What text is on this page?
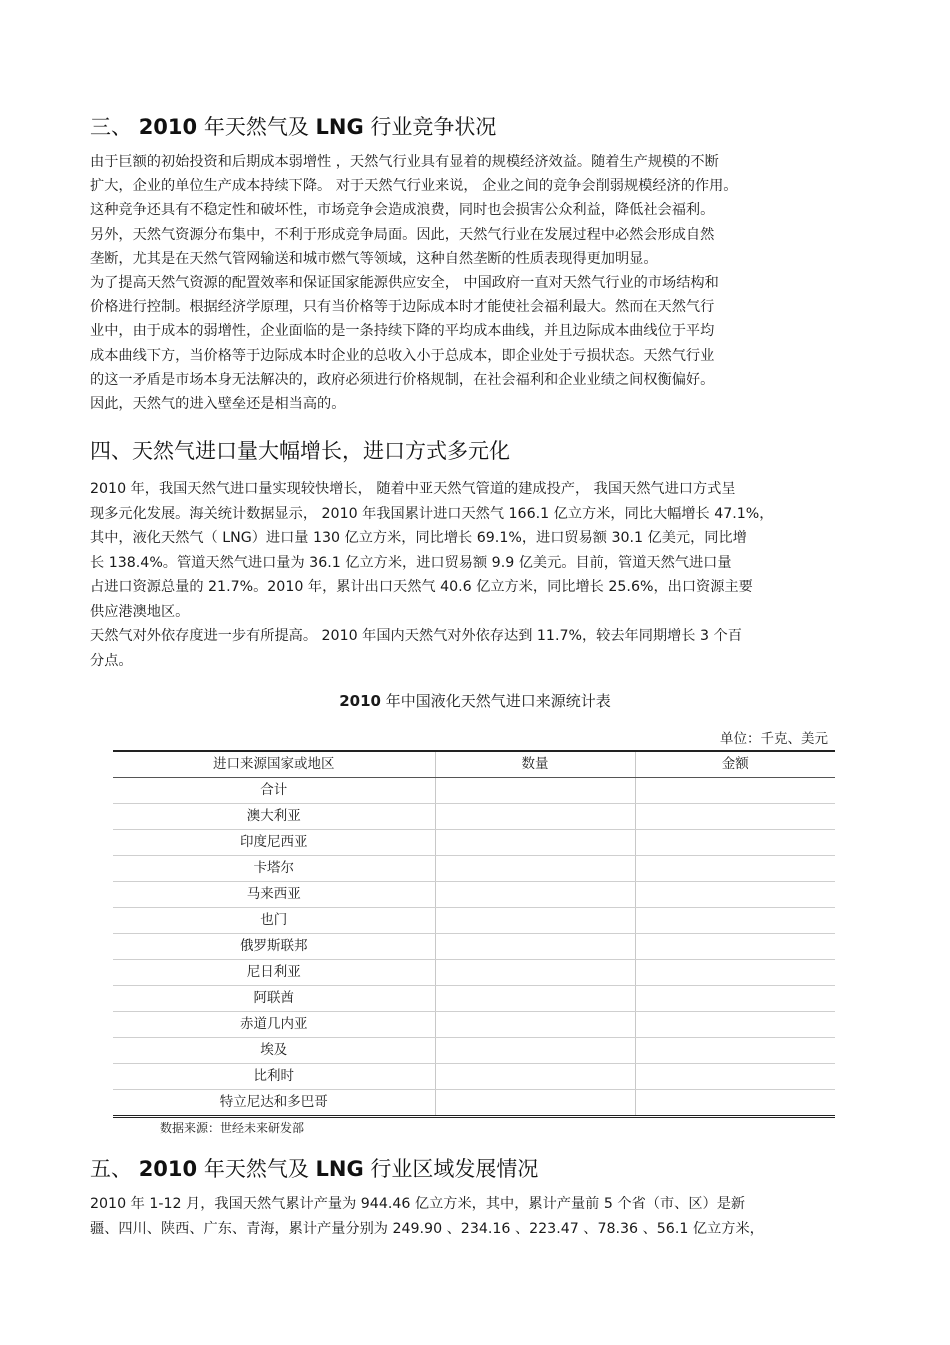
三、 2010 年天然气及 LNG 行业竞争状况
由于巨额的初始投资和后期成本弱增性 ，天然气行业具有显着的规模经济效益。随着生产规模的不断
扩大，企业的单位生产成本持续下降。 对于天然气行业来说， 企业之间的竞争会削弱规模经济的作用。
这种竞争还具有不稳定性和破坏性，市场竞争会造成浪费，同时也会损害公众利益，降低社会福利。
另外，天然气资源分布集中，不利于形成竞争局面。因此，天然气行业在发展过程中必然会形成自然
垄断，尤其是在天然气管网输送和城市燃气等领域，这种自然垄断的性质表现得更加明显。
为了提高天然气资源的配置效率和保证国家能源供应安全， 中国政府一直对天然气行业的市场结构和
价格进行控制。根据经济学原理，只有当价格等于边际成本时才能使社会福利最大。然而在天然气行
业中，由于成本的弱增性，企业面临的是一条持续下降的平均成本曲线，并且边际成本曲线位于平均
成本曲线下方，当价格等于边际成本时企业的总收入小于总成本，即企业处于亏损状态。天然气行业
的这一矛盾是市场本身无法解决的，政府必须进行价格规制，在社会福利和企业业绩之间权衡偏好。
因此，天然气的进入壁垒还是相当高的。
四、天然气进口量大幅增长，进口方式多元化
2010 年，我国天然气进口量实现较快增长， 随着中亚天然气管道的建成投产， 我国天然气进口方式呈
现多元化发展。海关统计数据显示， 2010 年我国累计进口天然气 166.1 亿立方米，同比大幅增长 47.1%，
其中，液化天然气（ LNG）进口量 130 亿立方米，同比增长 69.1%，进口贸易额 30.1 亿美元，同比增
长 138.4%。管道天然气进口量为 36.1 亿立方米，进口贸易额 9.9 亿美元。目前，管道天然气进口量
占进口资源总量的 21.7%。2010 年，累计出口天然气 40.6 亿立方米，同比增长 25.6%，出口资源主要
供应港澳地区。
天然气对外依存度进一步有所提高。 2010 年国内天然气对外依存达到 11.7%，较去年同期增长 3 个百
分点。
2010 年中国液化天然气进口来源统计表
单位：千克、美元
进口来源国家或地区	数量	金额
合计		
澳大利亚		
印度尼西亚		
卡塔尔		
马来西亚		
也门		
俄罗斯联邦		
尼日利亚		
阿联酋		
赤道几内亚		
埃及		
比利时		
特立尼达和多巴哥		
数据来源：世经未来研发部
五、 2010 年天然气及 LNG 行业区域发展情况
2010 年 1-12 月，我国天然气累计产量为 944.46 亿立方米，其中，累计产量前 5 个省（市、区）是新
疆、四川、陕西、广东、青海，累计产量分别为 249.90 、234.16 、223.47 、78.36 、56.1 亿立方米，
